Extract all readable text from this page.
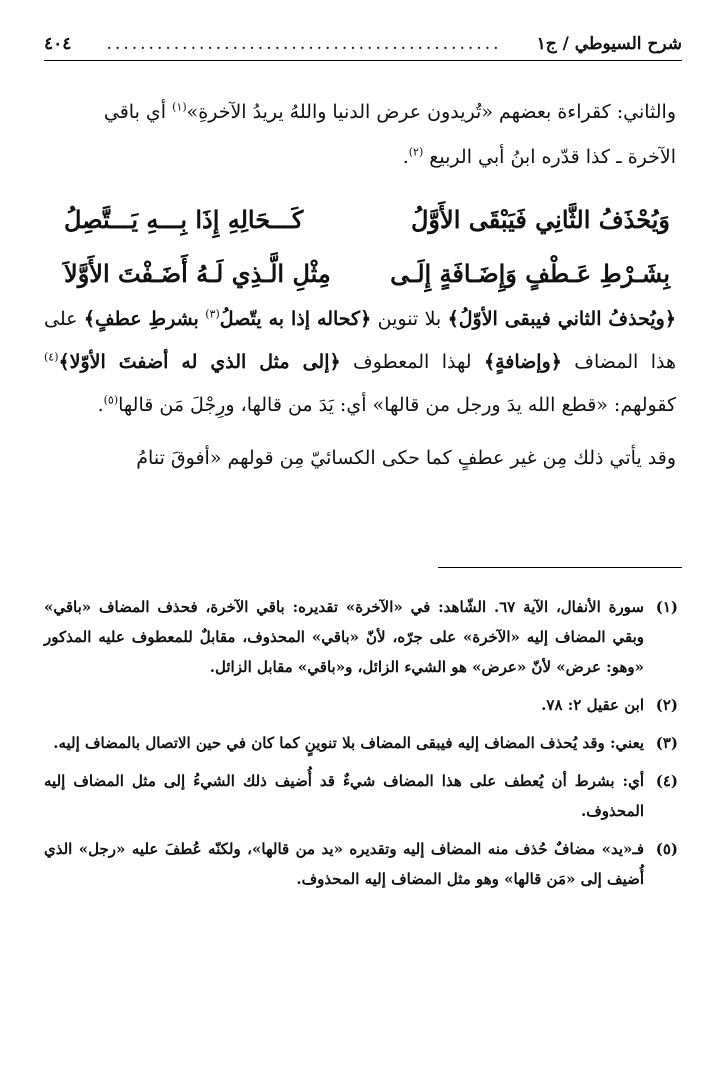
شرح السيوطي / ج١
...............................................
٤٠٤

والثاني: كقراءة بعضهم «تُريدون عرض الدنيا واللهُ يريدُ الآخرةِ»$^{(١)}$ أي باقي

الآخرة ـ كذا قدّره ابنُ أبي الربيع $^{(٢)}$.

وَيُحْذَفُ الثَّانِي فَيَبْقَى الأَوَّلُ
كَـــحَالِهِ إِذَا بِـــهِ يَـــتَّصِلُ
بِشَـرْطِ عَـطْفٍ وَإِضَـافَةٍ إِلَـى
مِثْلِ الَّـذِي لَـهُ أَضَـفْتَ الأَوَّلاَ

﴿ويُحذفُ الثاني فيبقى الأوّلُ﴾ بلا تنوين ﴿كحاله إذا به يتّصلُ$^{(٣)}$ بشرطِ عطفٍ﴾ على هذا المضاف ﴿وإضافةٍ﴾ لهذا المعطوف ﴿إلى مثل الذي له أضفتَ الأوّلا﴾$^{(٤)}$ كقولهم: «قطع الله يدَ ورجل من قالها» أي: يَدَ من قالها، ورِجْلَ مَن قالها$^{(٥)}$.

وقد يأتي ذلك مِن غير عطفٍ كما حكى الكسائيّ مِن قولهم «أفوقَ تنامُ

(١)
سورة الأنفال، الآية ٦٧. الشّاهد: في «الآخرة» تقديره: باقي الآخرة، فحذف المضاف «باقي» وبقي المضاف إليه «الآخرة» على جرّه، لأنّ «باقي» المحذوف، مقابلٌ للمعطوف عليه المذكور «وهو: عرض» لأنّ «عرض» هو الشيء الزائل، و«باقي» مقابل الزائل.
(٢)
ابن عقيل ٢: ٧٨.
(٣)
يعني: وقد يُحذف المضاف إليه فيبقى المضاف بلا تنوينٍ كما كان في حين الاتصال بالمضاف إليه.
(٤)
أي: بشرط أن يُعطف على هذا المضاف شيءٌ قد أُضيف ذلك الشيءُ إلى مثل المضاف إليه المحذوف.
(٥)
فـ«يد» مضافٌ حُذف منه المضاف إليه وتقديره «يد من قالها»، ولكنّه عُطفَ عليه «رجل» الذي أُضيف إلى «مَن قالها» وهو مثل المضاف إليه المحذوف.
